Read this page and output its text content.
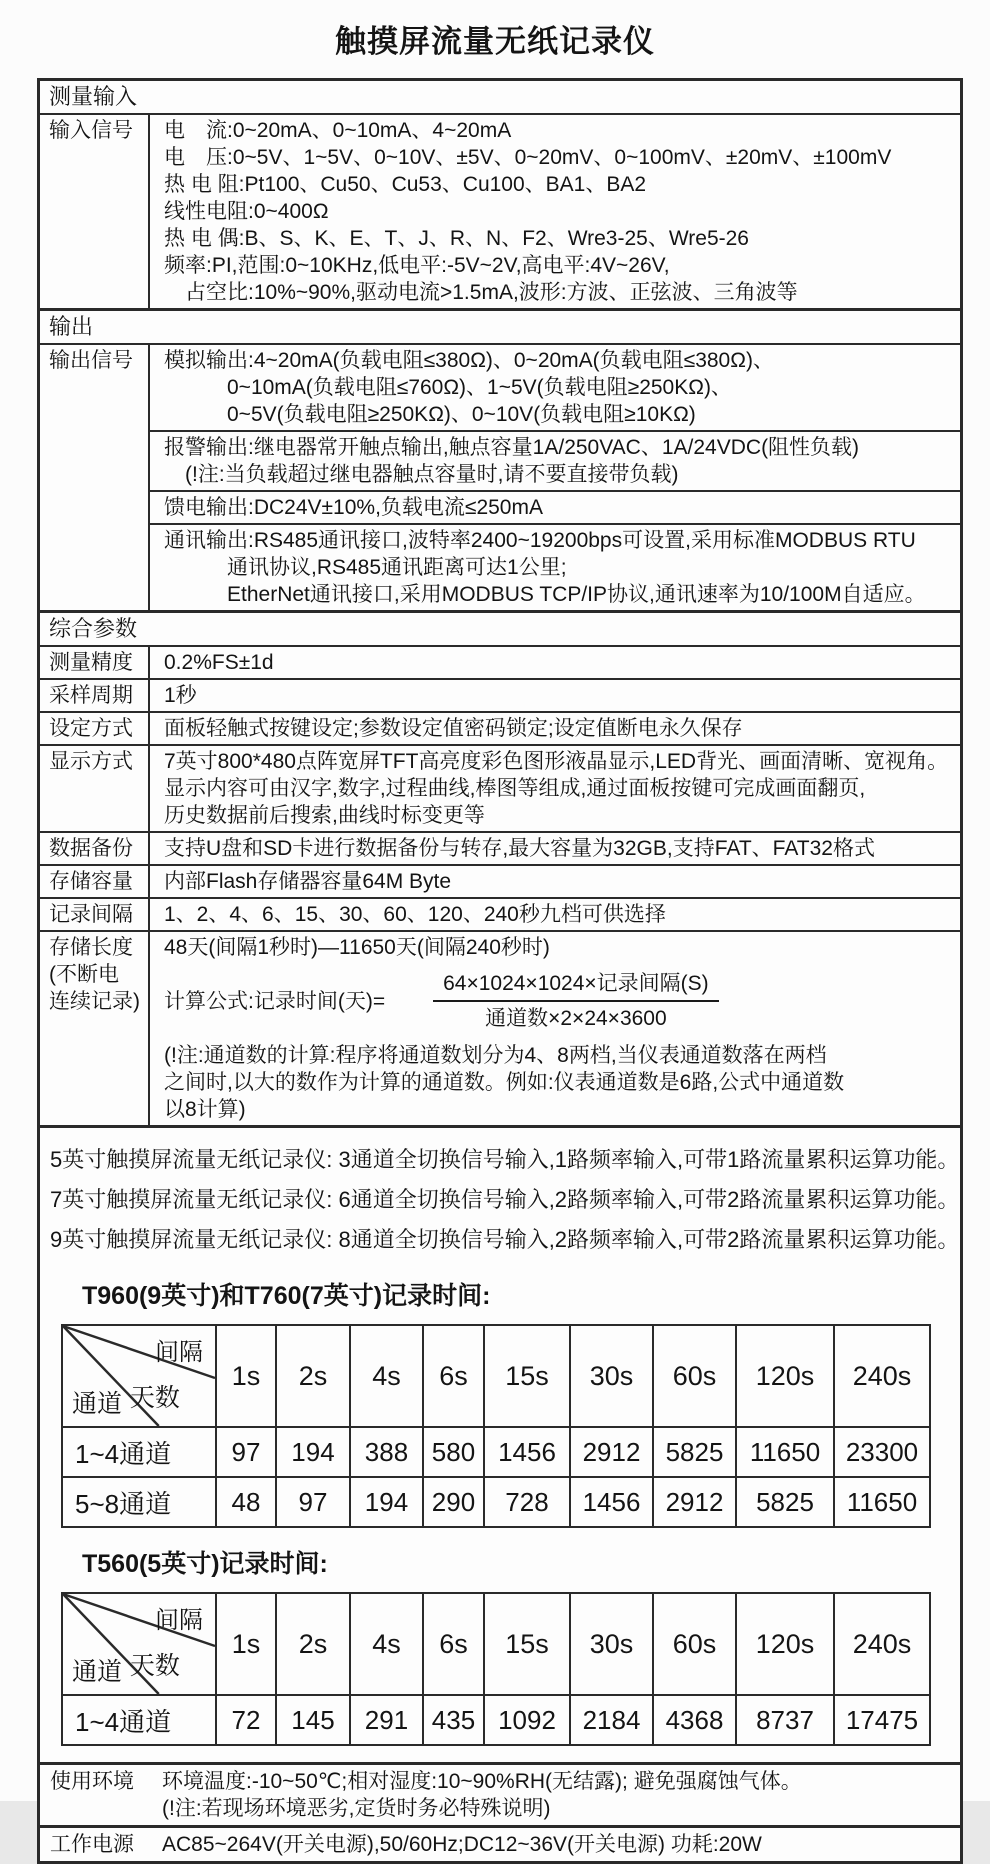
触摸屏流量无纸记录仪
测量输入
输入信号	电　流:0~20mA、0~10mA、4~20mA
电　压:0~5V、1~5V、0~10V、±5V、0~20mV、0~100mV、±20mV、±100mV
热 电 阻:Pt100、Cu50、Cu53、Cu100、BA1、BA2
线性电阻:0~400Ω
热 电 偶:B、S、K、E、T、J、R、N、F2、Wre3-25、Wre5-26
频率:PI,范围:0~10KHz,低电平:-5V~2V,高电平:4V~26V,
　占空比:10%~90%,驱动电流>1.5mA,波形:方波、正弦波、三角波等
输出
输出信号	模拟输出:4~20mA(负载电阻≤380Ω)、0~20mA(负载电阻≤380Ω)、
　　　0~10mA(负载电阻≤760Ω)、1~5V(负载电阻≥250KΩ)、
　　　0~5V(负载电阻≥250KΩ)、0~10V(负载电阻≥10KΩ)
报警输出:继电器常开触点输出,触点容量1A/250VAC、1A/24VDC(阻性负载)
　(!注:当负载超过继电器触点容量时,请不要直接带负载)
馈电输出:DC24V±10%,负载电流≤250mA
通讯输出:RS485通讯接口,波特率2400~19200bps可设置,采用标准MODBUS RTU
　　　通讯协议,RS485通讯距离可达1公里;
　　　EtherNet通讯接口,采用MODBUS TCP/IP协议,通讯速率为10/100M自适应。
综合参数
测量精度	0.2%FS±1d
采样周期	1秒
设定方式	面板轻触式按键设定;参数设定值密码锁定;设定值断电永久保存
显示方式	7英寸800*480点阵宽屏TFT高亮度彩色图形液晶显示,LED背光、画面清晰、宽视角。
显示内容可由汉字,数字,过程曲线,棒图等组成,通过面板按键可完成画面翻页,
历史数据前后搜索,曲线时标变更等
数据备份	支持U盘和SD卡进行数据备份与转存,最大容量为32GB,支持FAT、FAT32格式
存储容量	内部Flash存储器容量64M Byte
记录间隔	1、2、4、6、15、30、60、120、240秒九档可供选择
存储长度
(不断电
连续记录)
48天(间隔1秒时)—11650天(间隔240秒时)
计算公式:记录时间(天)= $\frac{\text{64×1024×1024×记录间隔(S)}}{\text{通道数×2×24×3600}}$
(!注:通道数的计算:程序将通道数划分为4、8两档,当仪表通道数落在两档
之间时,以大的数作为计算的通道数。例如:仪表通道数是6路,公式中通道数
以8计算)
5英寸触摸屏流量无纸记录仪: 3通道全切换信号输入,1路频率输入,可带1路流量累积运算功能。
7英寸触摸屏流量无纸记录仪: 6通道全切换信号输入,2路频率输入,可带2路流量累积运算功能。
9英寸触摸屏流量无纸记录仪: 8通道全切换信号输入,2路频率输入,可带2路流量累积运算功能。
T960(9英寸)和T760(7英寸)记录时间:
间隔
天数
通道	1s	2s	4s	6s	15s	30s	60s	120s	240s
1~4通道	97	194	388	580	1456	2912	5825	11650	23300
5~8通道	48	97	194	290	728	1456	2912	5825	11650
T560(5英寸)记录时间:
间隔
天数
通道	1s	2s	4s	6s	15s	30s	60s	120s	240s
1~4通道	72	145	291	435	1092	2184	4368	8737	17475
使用环境	环境温度:-10~50℃;相对湿度:10~90%RH(无结露); 避免强腐蚀气体。
(!注:若现场环境恶劣,定货时务必特殊说明)
工作电源	AC85~264V(开关电源),50/60Hz;DC12~36V(开关电源) 功耗:20W
